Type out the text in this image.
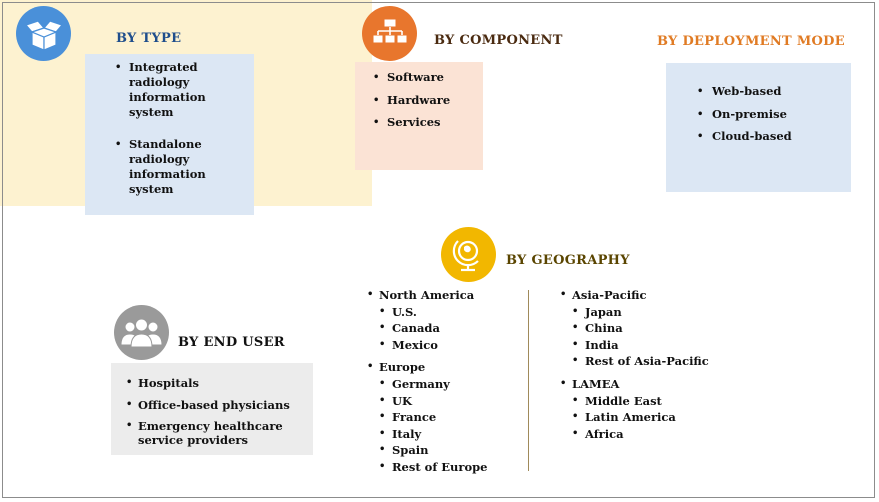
BY TYPE
• Integrated radiology information system
• Standalone radiology information system
BY COMPONENT
• Software
• Hardware
• Services
BY DEPLOYMENT MODE
• Web-based
• On-premise
• Cloud-based
BY GEOGRAPHY
• North America
• U.S.
• Canada
• Mexico
• Europe
• Germany
• UK
• France
• Italy
• Spain
• Rest of Europe
• Asia-Pacific
• Japan
• China
• India
• Rest of Asia-Pacific
• LAMEA
• Middle East
• Latin America
• Africa
BY END USER
• Hospitals
• Office-based physicians
• Emergency healthcare service providers
